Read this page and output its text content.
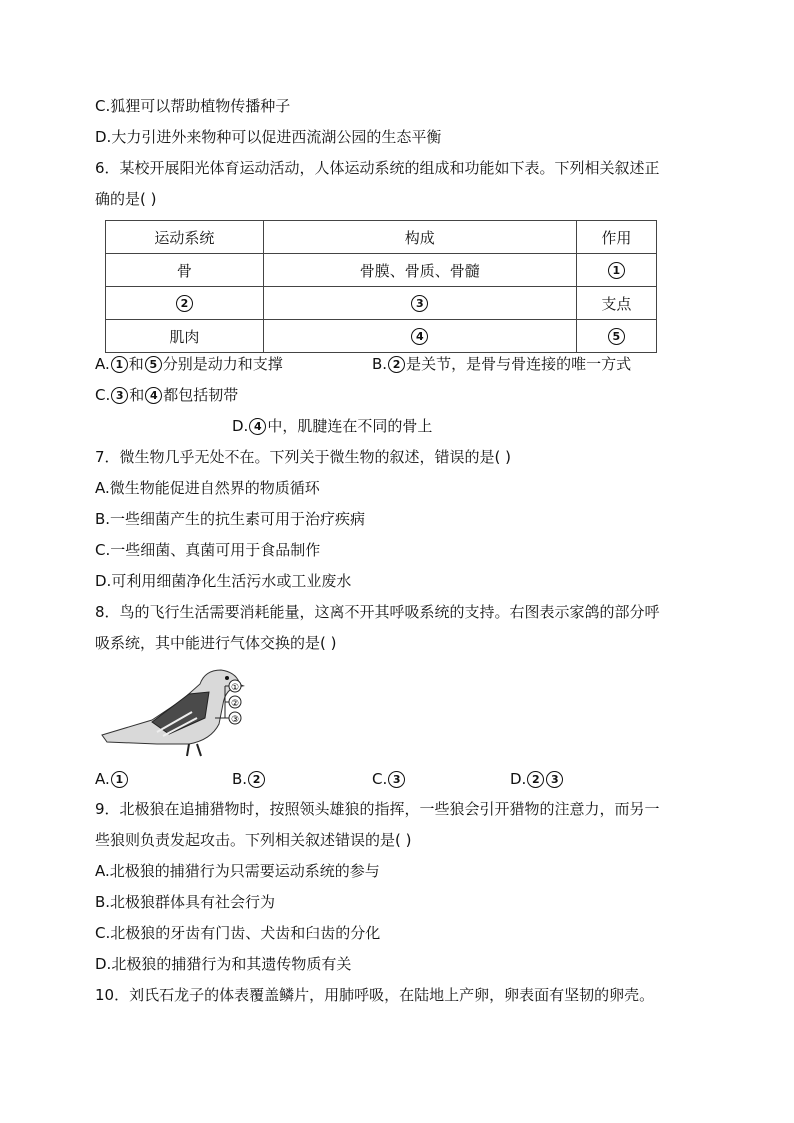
C.狐狸可以帮助植物传播种子
D.大力引进外来物种可以促进西流湖公园的生态平衡
6．某校开展阳光体育运动活动，人体运动系统的组成和功能如下表。下列相关叙述正
确的是( )
运动系统	构成	作用
骨	骨膜、骨质、骨髓	1
2	3	支点
肌肉	4	5
A. 1 和 5 分别是动力和支撑	B. 2 是关节，是骨与骨连接的唯一方式
C. 3 和 4 都包括韧带
D. 4 中，肌腱连在不同的骨上
7．微生物几乎无处不在。下列关于微生物的叙述，错误的是( )
A.微生物能促进自然界的物质循环
B.一些细菌产生的抗生素可用于治疗疾病
C.一些细菌、真菌可用于食品制作
D.可利用细菌净化生活污水或工业废水
8．鸟的飞行生活需要消耗能量，这离不开其呼吸系统的支持。右图表示家鸽的部分呼
吸系统，其中能进行气体交换的是( )
①
②
③
A. 1	B. 2	C. 3	D. 2 3
9．北极狼在追捕猎物时，按照领头雄狼的指挥，一些狼会引开猎物的注意力，而另一
些狼则负责发起攻击。下列相关叙述错误的是( )
A.北极狼的捕猎行为只需要运动系统的参与
B.北极狼群体具有社会行为
C.北极狼的牙齿有门齿、犬齿和臼齿的分化
D.北极狼的捕猎行为和其遗传物质有关
10．刘氏石龙子的体表覆盖鳞片，用肺呼吸，在陆地上产卵，卵表面有坚韧的卵壳。
